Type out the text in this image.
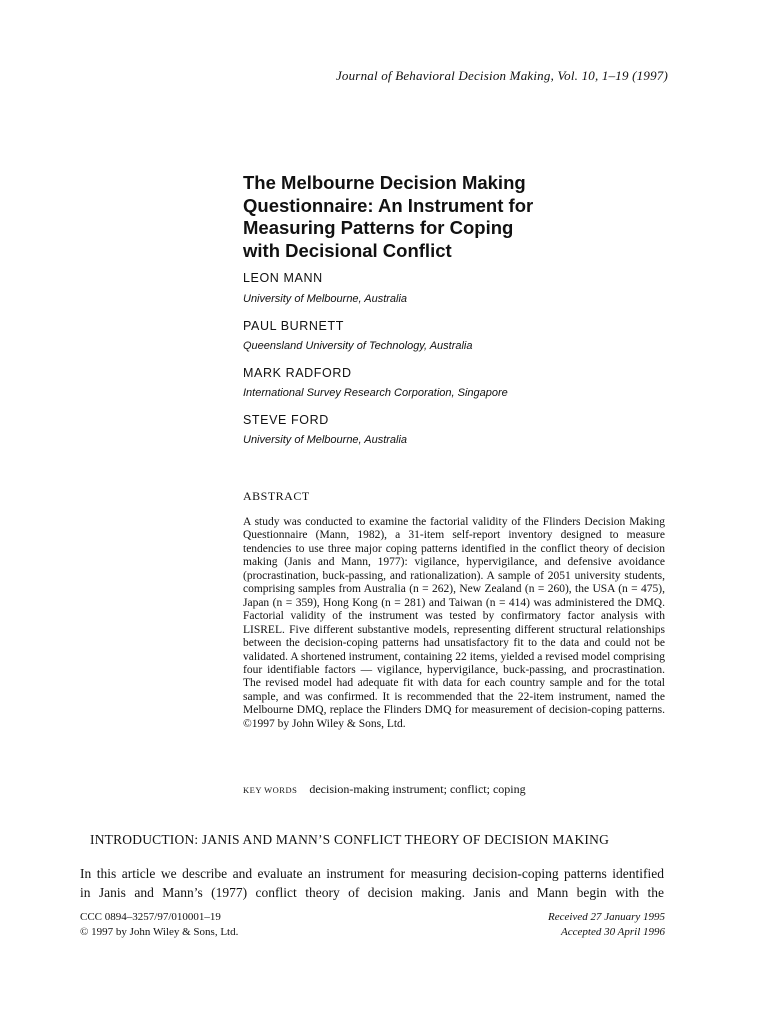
Journal of Behavioral Decision Making, Vol. 10, 1–19 (1997)
The Melbourne Decision Making
Questionnaire: An Instrument for
Measuring Patterns for Coping
with Decisional Conflict
LEON MANN
University of Melbourne, Australia
PAUL BURNETT
Queensland University of Technology, Australia
MARK RADFORD
International Survey Research Corporation, Singapore
STEVE FORD
University of Melbourne, Australia
ABSTRACT

A study was conducted to examine the factorial validity of the Flinders Decision Making Questionnaire (Mann, 1982), a 31-item self-report inventory designed to measure tendencies to use three major coping patterns identified in the conflict theory of decision making (Janis and Mann, 1977): vigilance, hypervigilance, and defensive avoidance (procrastination, buck-passing, and rationalization). A sample of 2051 university students, comprising samples from Australia (n = 262), New Zealand (n = 260), the USA (n = 475), Japan (n = 359), Hong Kong (n = 281) and Taiwan (n = 414) was administered the DMQ. Factorial validity of the instrument was tested by confirmatory factor analysis with LISREL. Five different substantive models, representing different structural relationships between the decision-coping patterns had unsatisfactory fit to the data and could not be validated. A shortened instrument, containing 22 items, yielded a revised model comprising four identifiable factors — vigilance, hypervigilance, buck-passing, and procrastination. The revised model had adequate fit with data for each country sample and for the total sample, and was confirmed. It is recommended that the 22-item instrument, named the Melbourne DMQ, replace the Flinders DMQ for measurement of decision-coping patterns. ©1997 by John Wiley & Sons, Ltd.

KEY WORDS decision-making instrument; conflict; coping
INTRODUCTION: JANIS AND MANN’S CONFLICT THEORY OF DECISION MAKING

In this article we describe and evaluate an instrument for measuring decision-coping patterns identified
in Janis and Mann’s (1977) conflict theory of decision making. Janis and Mann begin with the

CCC 0894–3257/97/010001–19
© 1997 by John Wiley & Sons, Ltd.
Received 27 January 1995
Accepted 30 April 1996
